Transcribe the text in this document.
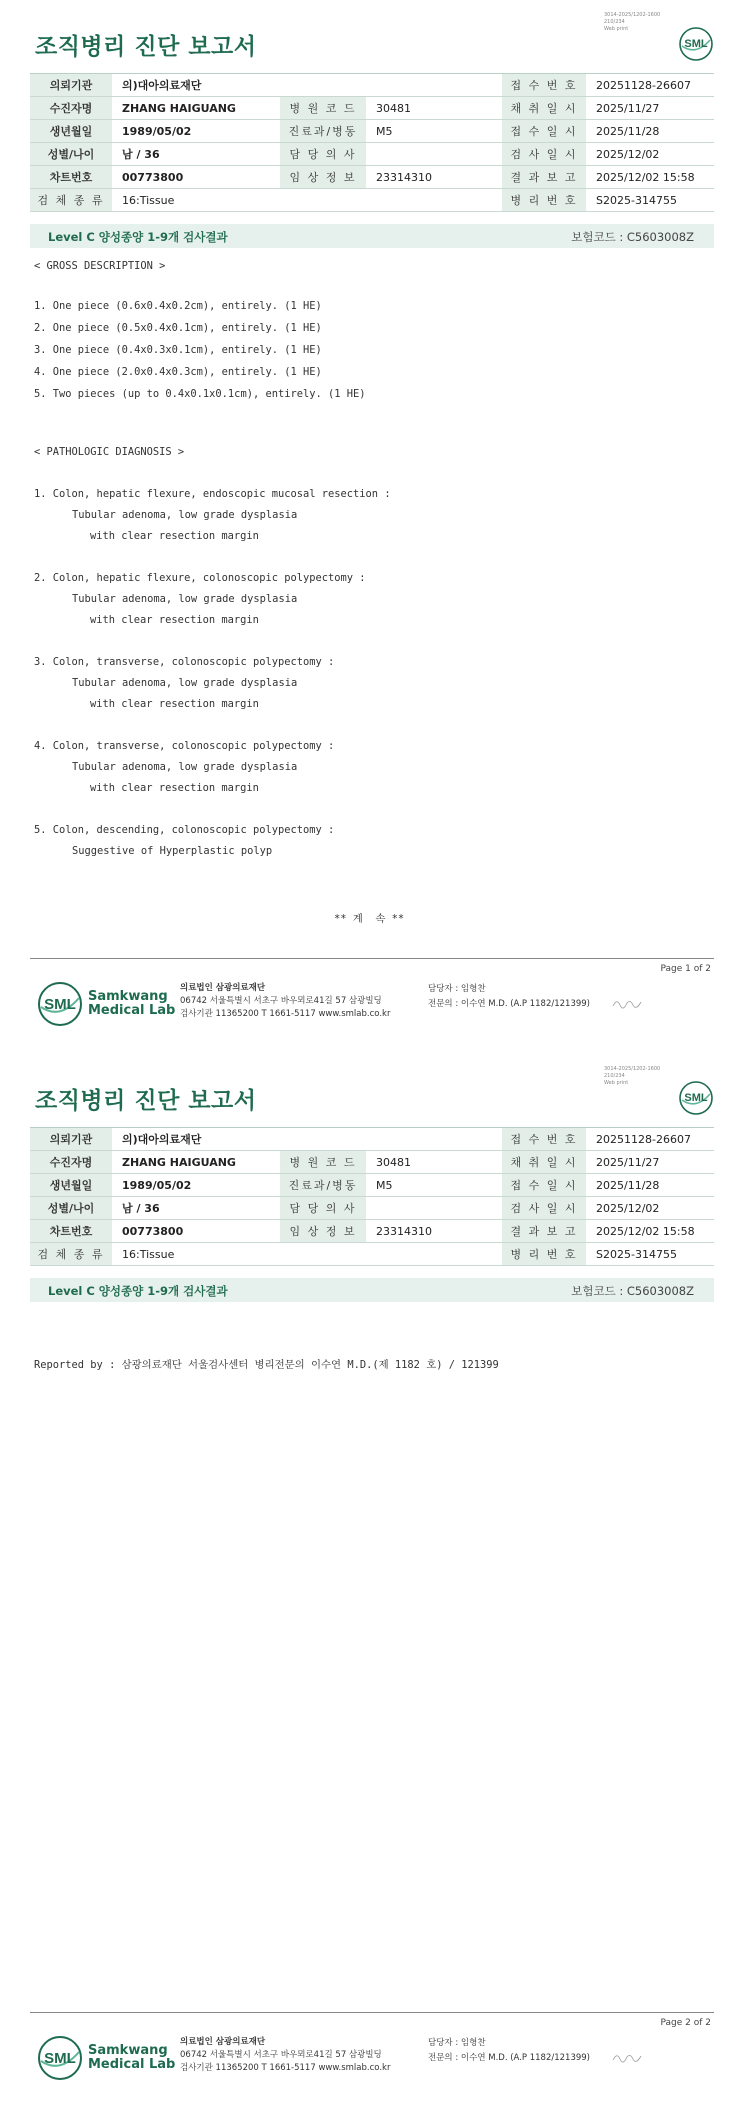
3014-2025/1202-1600
210/234
Web print
조직병리 진단 보고서	SML
의뢰기관	의)대아의료재단			접 수 번 호	20251128-26607
수진자명	ZHANG HAIGUANG	병 원 코 드	30481	채 취 일 시	2025/11/27
생년월일	1989/05/02	진료과/병동	M5	접 수 일 시	2025/11/28
성별/나이	남 / 36	담 당 의 사		검 사 일 시	2025/12/02
차트번호	00773800	임 상 정 보	23314310	결 과 보 고	2025/12/02 15:58
검 체 종 류	16:Tissue			병 리 번 호	S2025-314755
Level C 양성종양 1-9개 검사결과	보험코드 : C5603008Z
< GROSS DESCRIPTION >
1. One piece (0.6x0.4x0.2cm), entirely. (1 HE)
2. One piece (0.5x0.4x0.1cm), entirely. (1 HE)
3. One piece (0.4x0.3x0.1cm), entirely. (1 HE)
4. One piece (2.0x0.4x0.3cm), entirely. (1 HE)
5. Two pieces (up to 0.4x0.1x0.1cm), entirely. (1 HE)
< PATHOLOGIC DIAGNOSIS >
1. Colon, hepatic flexure, endoscopic mucosal resection :
Tubular adenoma, low grade dysplasia
with clear resection margin
2. Colon, hepatic flexure, colonoscopic polypectomy :
Tubular adenoma, low grade dysplasia
with clear resection margin
3. Colon, transverse, colonoscopic polypectomy :
Tubular adenoma, low grade dysplasia
with clear resection margin
4. Colon, transverse, colonoscopic polypectomy :
Tubular adenoma, low grade dysplasia
with clear resection margin
5. Colon, descending, colonoscopic polypectomy :
Suggestive of Hyperplastic polyp
** 계  속 **
Page 1 of 2
SML Samkwang
Medical Lab
의료법인 삼광의료재단
06742 서울특별시 서초구 바우뫼로41길 57 삼광빌딩
검사기관 11365200 T 1661-5117 www.smlab.co.kr
담당자 : 임형찬
전문의 : 이수연 M.D. (A.P 1182/121399)
3014-2025/1202-1600
210/234
Web print
조직병리 진단 보고서	SML
의뢰기관	의)대아의료재단			접 수 번 호	20251128-26607
수진자명	ZHANG HAIGUANG	병 원 코 드	30481	채 취 일 시	2025/11/27
생년월일	1989/05/02	진료과/병동	M5	접 수 일 시	2025/11/28
성별/나이	남 / 36	담 당 의 사		검 사 일 시	2025/12/02
차트번호	00773800	임 상 정 보	23314310	결 과 보 고	2025/12/02 15:58
검 체 종 류	16:Tissue			병 리 번 호	S2025-314755
Level C 양성종양 1-9개 검사결과	보험코드 : C5603008Z
Reported by : 삼광의료재단 서울검사센터 병리전문의 이수연 M.D.(제 1182 호) / 121399
Page 2 of 2
SML Samkwang
Medical Lab
의료법인 삼광의료재단
06742 서울특별시 서초구 바우뫼로41길 57 삼광빌딩
검사기관 11365200 T 1661-5117 www.smlab.co.kr
담당자 : 임형찬
전문의 : 이수연 M.D. (A.P 1182/121399)
